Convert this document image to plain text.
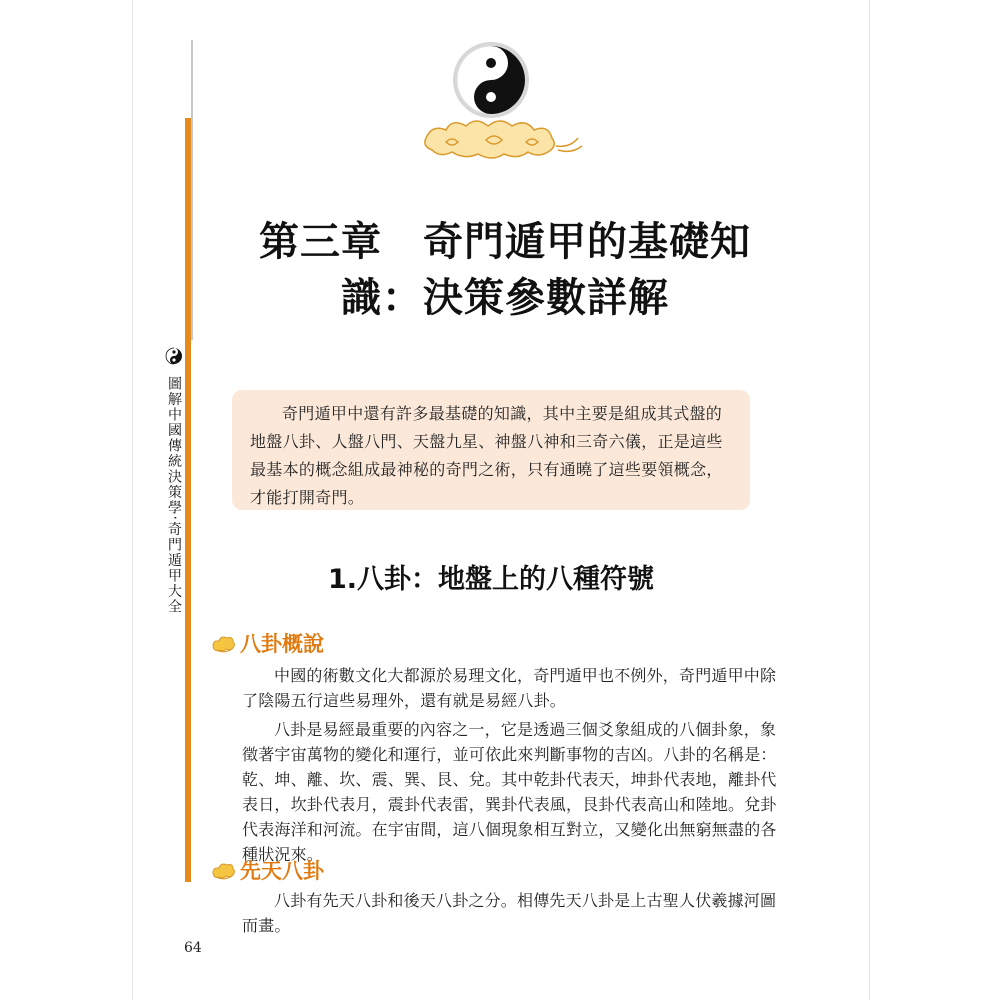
圖解中國傳統決策學‧奇門遁甲大全
第三章　奇門遁甲的基礎知
識：決策參數詳解

奇門遁甲中還有許多最基礎的知識，其中主要是組成其式盤的地盤八卦、人盤八門、天盤九星、神盤八神和三奇六儀，正是這些最基本的概念組成最神秘的奇門之術，只有通曉了這些要領概念，才能打開奇門。

1.八卦：地盤上的八種符號
八卦概說

中國的術數文化大都源於易理文化，奇門遁甲也不例外，奇門遁甲中除了陰陽五行這些易理外，還有就是易經八卦。

八卦是易經最重要的內容之一，它是透過三個爻象組成的八個卦象，象徵著宇宙萬物的變化和運行，並可依此來判斷事物的吉凶。八卦的名稱是：乾、坤、離、坎、震、巽、艮、兌。其中乾卦代表天，坤卦代表地，離卦代表日，坎卦代表月，震卦代表雷，巽卦代表風，艮卦代表高山和陸地。兌卦代表海洋和河流。在宇宙間，這八個現象相互對立，又變化出無窮無盡的各種狀況來。

先天八卦

八卦有先天八卦和後天八卦之分。相傳先天八卦是上古聖人伏羲據河圖而畫。

64
